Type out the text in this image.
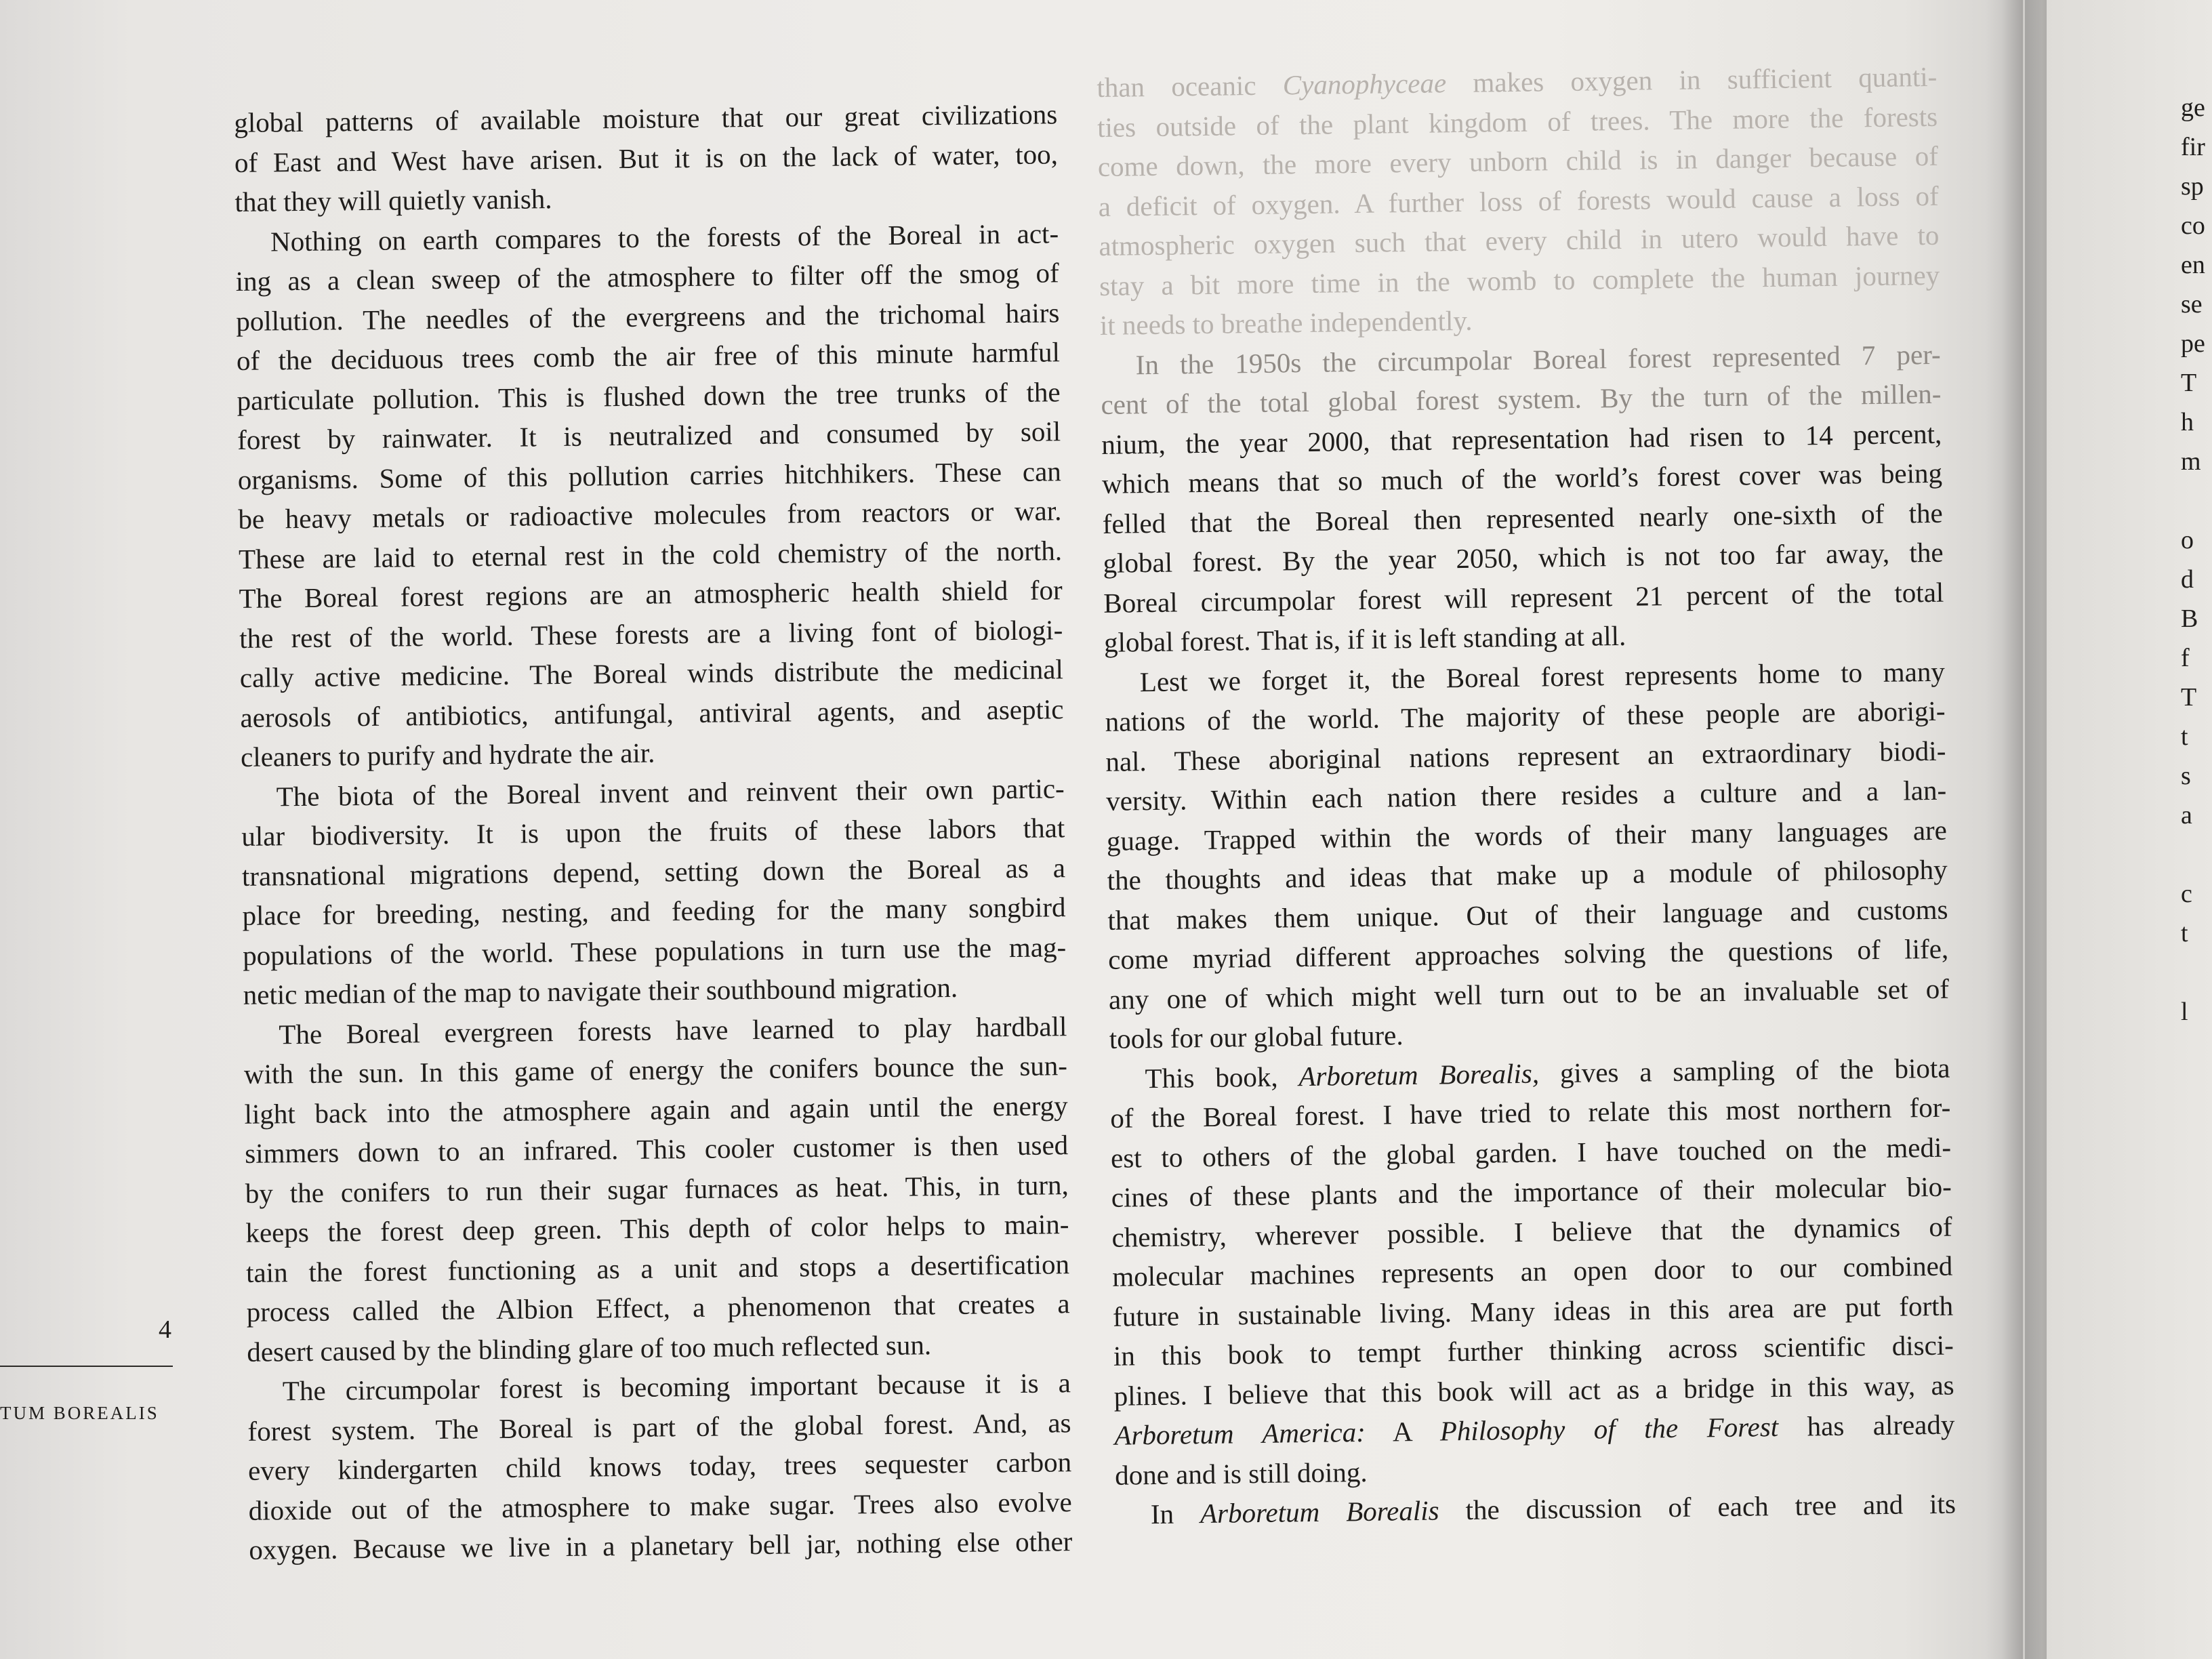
global patterns of available moisture that our great civilizations
of East and West have arisen. But it is on the lack of water, too,
that they will quietly vanish.
Nothing on earth compares to the forests of the Boreal in act-
ing as a clean sweep of the atmosphere to filter off the smog of
pollution. The needles of the evergreens and the trichomal hairs
of the deciduous trees comb the air free of this minute harmful
particulate pollution. This is flushed down the tree trunks of the
forest by rainwater. It is neutralized and consumed by soil
organisms. Some of this pollution carries hitchhikers. These can
be heavy metals or radioactive molecules from reactors or war.
These are laid to eternal rest in the cold chemistry of the north.
The Boreal forest regions are an atmospheric health shield for
the rest of the world. These forests are a living font of biologi-
cally active medicine. The Boreal winds distribute the medicinal
aerosols of antibiotics, antifungal, antiviral agents, and aseptic
cleaners to purify and hydrate the air.
The biota of the Boreal invent and reinvent their own partic-
ular biodiversity. It is upon the fruits of these labors that
transnational migrations depend, setting down the Boreal as a
place for breeding, nesting, and feeding for the many songbird
populations of the world. These populations in turn use the mag-
netic median of the map to navigate their southbound migration.
The Boreal evergreen forests have learned to play hardball
with the sun. In this game of energy the conifers bounce the sun-
light back into the atmosphere again and again until the energy
simmers down to an infrared. This cooler customer is then used
by the conifers to run their sugar furnaces as heat. This, in turn,
keeps the forest deep green. This depth of color helps to main-
tain the forest functioning as a unit and stops a desertification
process called the Albion Effect, a phenomenon that creates a
desert caused by the blinding glare of too much reflected sun.
The circumpolar forest is becoming important because it is a
forest system. The Boreal is part of the global forest. And, as
every kindergarten child knows today, trees sequester carbon
dioxide out of the atmosphere to make sugar. Trees also evolve
oxygen. Because we live in a planetary bell jar, nothing else other
than oceanic Cyanophyceae makes oxygen in sufficient quanti-
ties outside of the plant kingdom of trees. The more the forests
come down, the more every unborn child is in danger because of
a deficit of oxygen. A further loss of forests would cause a loss of
atmospheric oxygen such that every child in utero would have to
stay a bit more time in the womb to complete the human journey
it needs to breathe independently.
In the 1950s the circumpolar Boreal forest represented 7 per-
cent of the total global forest system. By the turn of the millen-
nium, the year 2000, that representation had risen to 14 percent,
which means that so much of the world’s forest cover was being
felled that the Boreal then represented nearly one-sixth of the
global forest. By the year 2050, which is not too far away, the
Boreal circumpolar forest will represent 21 percent of the total
global forest. That is, if it is left standing at all.
Lest we forget it, the Boreal forest represents home to many
nations of the world. The majority of these people are aborigi-
nal. These aboriginal nations represent an extraordinary biodi-
versity. Within each nation there resides a culture and a lan-
guage. Trapped within the words of their many languages are
the thoughts and ideas that make up a module of philosophy
that makes them unique. Out of their language and customs
come myriad different approaches solving the questions of life,
any one of which might well turn out to be an invaluable set of
tools for our global future.
This book, Arboretum Borealis, gives a sampling of the biota
of the Boreal forest. I have tried to relate this most northern for-
est to others of the global garden. I have touched on the medi-
cines of these plants and the importance of their molecular bio-
chemistry, wherever possible. I believe that the dynamics of
molecular machines represents an open door to our combined
future in sustainable living. Many ideas in this area are put forth
in this book to tempt further thinking across scientific disci-
plines. I believe that this book will act as a bridge in this way, as
Arboretum America: A Philosophy of the Forest has already
done and is still doing.
In Arboretum Borealis the discussion of each tree and its
4
TUM BOREALIS
ge
fir
sp
co
en
se
pe
T
h
m
o
d
B
f
T
t
s
a
c
t
l
